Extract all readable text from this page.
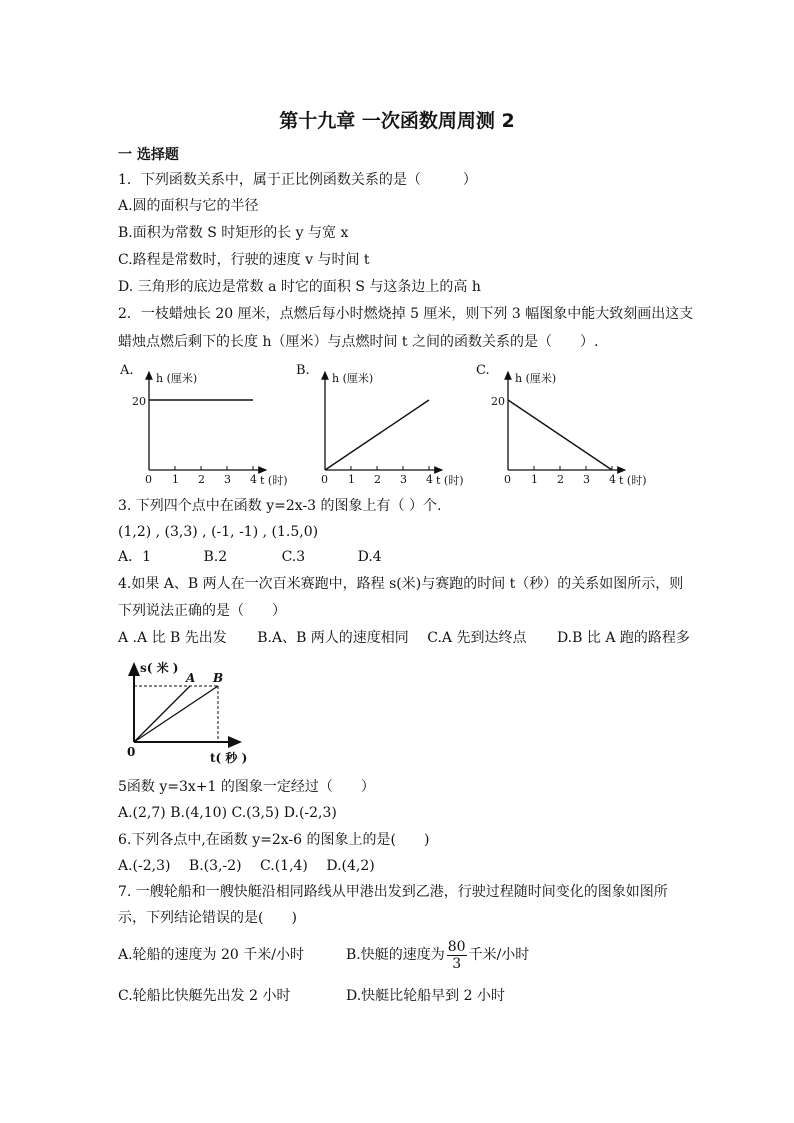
第十九章 一次函数周周测 2
一 选择题
1．下列函数关系中，属于正比例函数关系的是（　　　）
A.圆的面积与它的半径
B.面积为常数 S 时矩形的长 y 与宽 x
C.路程是常数时，行驶的速度 v 与时间 t
D. 三角形的底边是常数 a 时它的面积 S 与这条边上的高 h
2．一枝蜡烛长 20 厘米，点燃后每小时燃烧掉 5 厘米，则下列 3 幅图象中能大致刻画出这支
蜡烛点燃后剩下的长度 h（厘米）与点燃时间 t 之间的函数关系的是（　　）.
A.
h (厘米)
t (时)
20
0 1 2 3 4
B.
h (厘米)
t (时)
0 1 2 3 4
C.
h (厘米)
t (时)
20
0 1 2 3 4
3. 下列四个点中在函数 y=2x-3 的图象上有（ ）个.
(1,2) , (3,3) , (-1, -1) , (1.5,0)
A．1	B.2	C.3	D.4
4.如果 A、B 两人在一次百米赛跑中，路程 s(米)与赛跑的时间 t（秒）的关系如图所示，则
下列说法正确的是（　　）
A .A 比 B 先出发 B.A、B 两人的速度相同 C.A 先到达终点 D.B 比 A 跑的路程多
s( 米 )
t( 秒 )
0
A B
5函数 y=3x+1 的图象一定经过（　　）
A.(2,7) B.(4,10) C.(3,5) D.(-2,3)
6.下列各点中,在函数 y=2x-6 的图象上的是(　　)
A.(-2,3)　 B.(3,-2)　 C.(1,4)　 D.(4,2)
7. 一艘轮船和一艘快艇沿相同路线从甲港出发到乙港，行驶过程随时间变化的图象如图所
示，下列结论错误的是(　　)
A.轮船的速度为 20 千米/小时	B.快艇的速度为 $\frac{80}{3}$ 千米/小时
C.轮船比快艇先出发 2 小时	D.快艇比轮船早到 2 小时
